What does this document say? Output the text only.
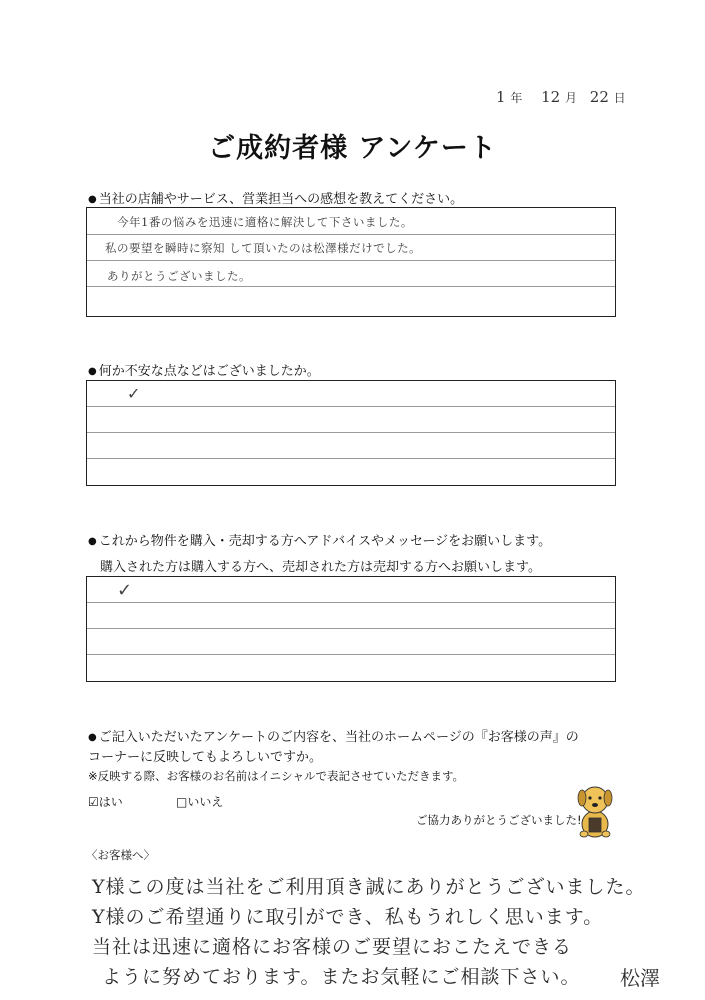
1 年 12 月 22 日
ご成約者様 アンケート
● 当社の店舗やサービス、営業担当への感想を教えてください。
今年1番の悩みを迅速に適格に解決して下さいました。
私の要望を瞬時に察知 して頂いたのは松澤様だけでした。
ありがとうございました。
● 何か不安な点などはございましたか。
✓
● これから物件を購入・売却する方へアドバイスやメッセージをお願いします。
購入された方は購入する方へ、売却された方は売却する方へお願いします。
✓
● ご記入いただいたアンケートのご内容を、当社のホームページの『お客様の声』の
コーナーに反映してもよろしいですか。
※反映する際、お客様のお名前はイニシャルで表記させていただきます。
☑はい	□いいえ
ご協力ありがとうございました!
〈お客様へ〉
Y様この度は当社をご利用頂き誠にありがとうございました。
Y様のご希望通りに取引ができ、私もうれしく思います。
当社は迅速に適格にお客様のご要望におこたえできる
ように努めております。またお気軽にご相談下さい。 松澤
